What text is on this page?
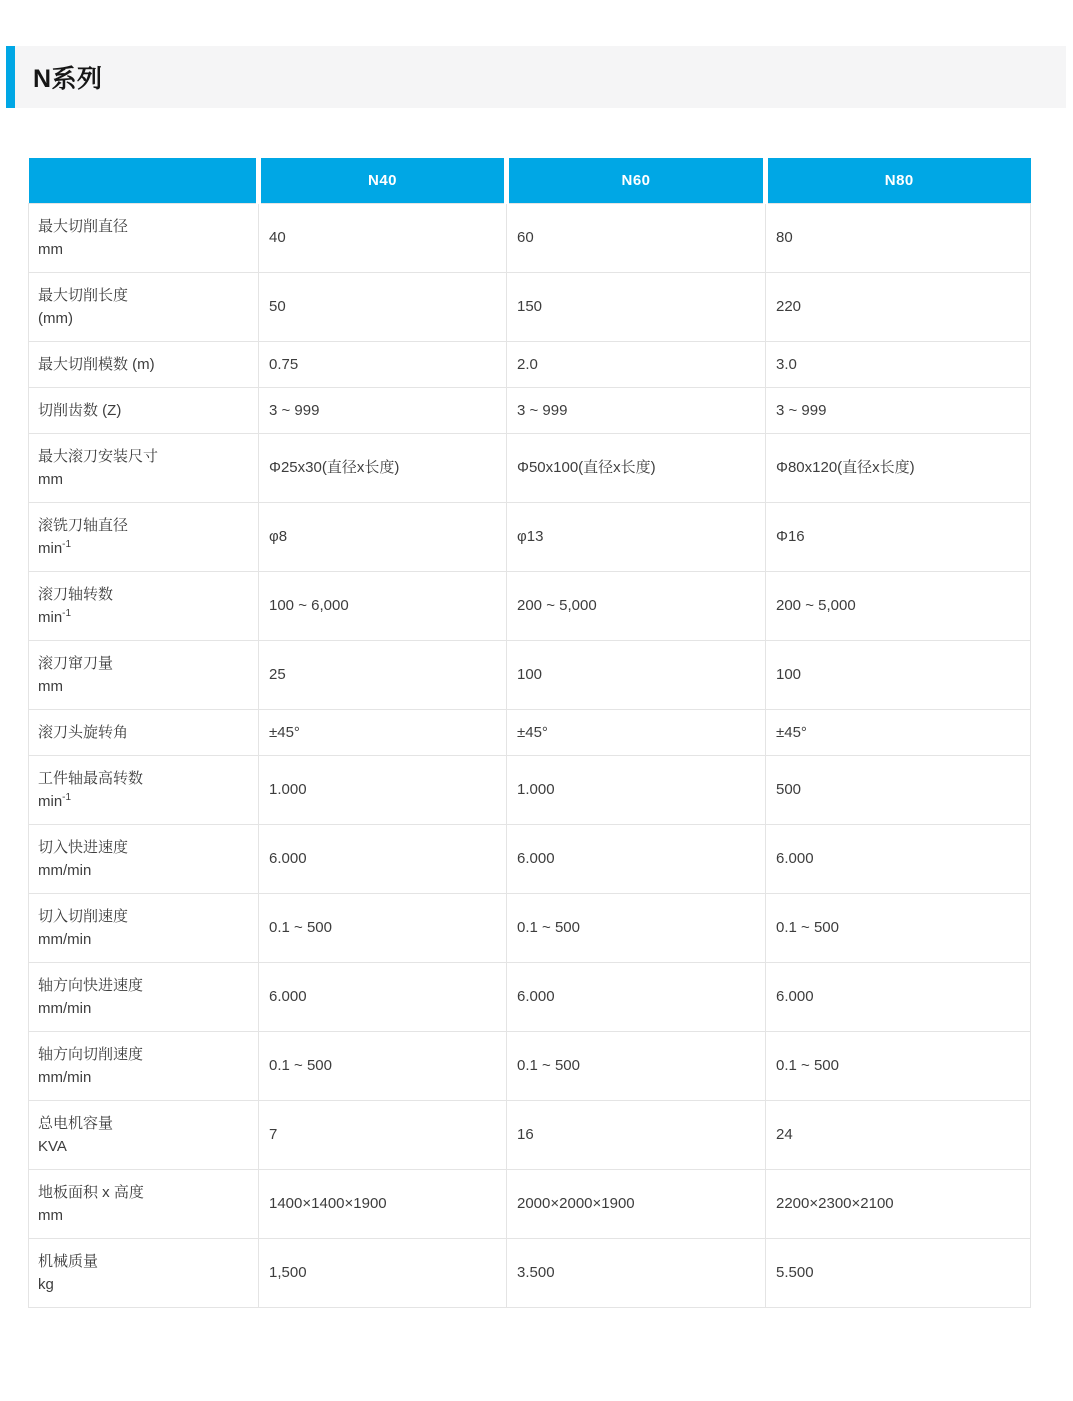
N系列
	N40	N60	N80

最大切削直径
mm	40	60	80

最大切削长度
(mm)	50	150	220

最大切削模数 (m)	0.75	2.0	3.0

切削齿数 (Z)	3 ~ 999	3 ~ 999	3 ~ 999

最大滚刀安装尺寸
mm	Φ25x30(直径x长度)	Φ50x100(直径x长度)	Φ80x120(直径x长度)

滚铣刀轴直径
$\min^{-1}$	φ8	φ13	Φ16

滚刀轴转数
$\min^{-1}$	100 ~ 6,000	200 ~ 5,000	200 ~ 5,000

滚刀窜刀量
mm	25	100	100

滚刀头旋转角	±45°	±45°	±45°

工件轴最高转数
$\min^{-1}$	1.000	1.000	500

切入快进速度
mm/min	6.000	6.000	6.000

切入切削速度
mm/min	0.1 ~ 500	0.1 ~ 500	0.1 ~ 500

轴方向快进速度
mm/min	6.000	6.000	6.000

轴方向切削速度
mm/min	0.1 ~ 500	0.1 ~ 500	0.1 ~ 500

总电机容量
KVA	7	16	24

地板面积 x 高度
mm	1400×1400×1900	2000×2000×1900	2200×2300×2100

机械质量
kg	1,500	3.500	5.500
